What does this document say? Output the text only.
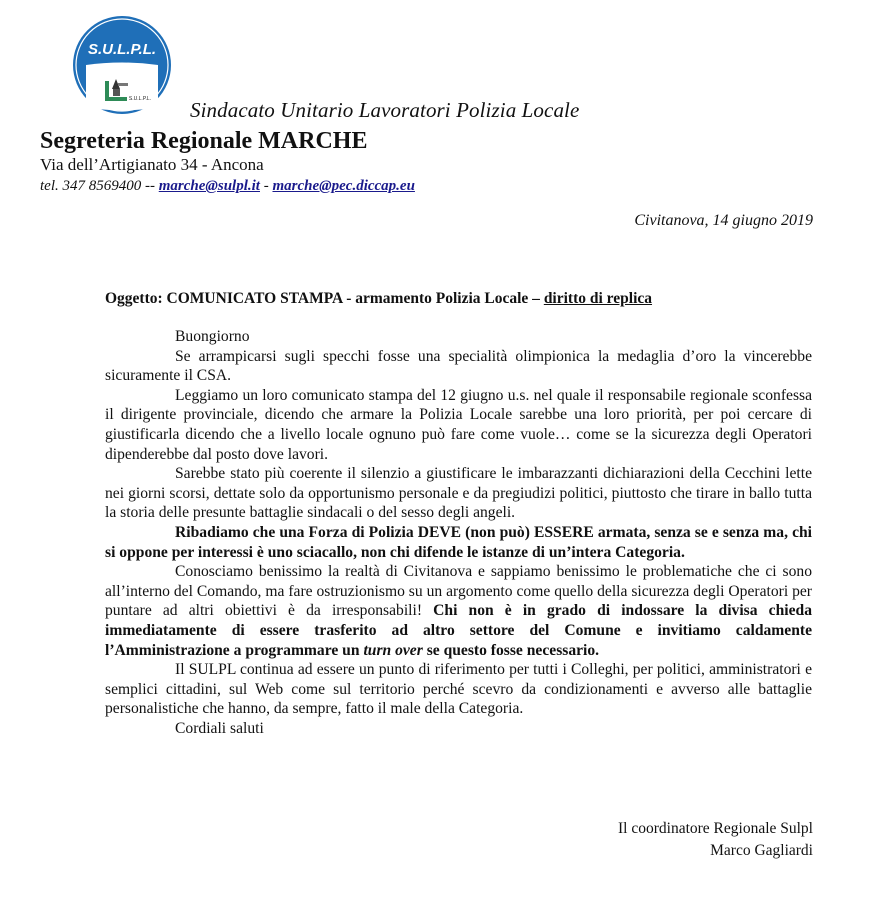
S.U.L.P.L.
S.U.L.P.L. Sindacato Unitario Lavoratori Polizia Locale
Segreteria Regionale MARCHE
Via dell’Artigianato 34 - Ancona
tel. 347 8569400 -- marche@sulpl.it - marche@pec.diccap.eu
Civitanova, 14 giugno 2019
Oggetto: COMUNICATO STAMPA - armamento Polizia Locale – diritto di replica

Buongiorno

Se arrampicarsi sugli specchi fosse una specialità olimpionica la medaglia d’oro la vincerebbe sicuramente il CSA.

Leggiamo un loro comunicato stampa del 12 giugno u.s. nel quale il responsabile regionale sconfessa il dirigente provinciale, dicendo che armare la Polizia Locale sarebbe una loro priorità, per poi cercare di giustificarla dicendo che a livello locale ognuno può fare come vuole… come se la sicurezza degli Operatori dipenderebbe dal posto dove lavori.

Sarebbe stato più coerente il silenzio a giustificare le imbarazzanti dichiarazioni della Cecchini lette nei giorni scorsi, dettate solo da opportunismo personale e da pregiudizi politici, piuttosto che tirare in ballo tutta la storia delle presunte battaglie sindacali o del sesso degli angeli.

Ribadiamo che una Forza di Polizia DEVE (non può) ESSERE armata, senza se e senza ma, chi si oppone per interessi è uno sciacallo, non chi difende le istanze di un’intera Categoria.

Conosciamo benissimo la realtà di Civitanova e sappiamo benissimo le problematiche che ci sono all’interno del Comando, ma fare ostruzionismo su un argomento come quello della sicurezza degli Operatori per puntare ad altri obiettivi è da irresponsabili! Chi non è in grado di indossare la divisa chieda immediatamente di essere trasferito ad altro settore del Comune e invitiamo caldamente l’Amministrazione a programmare un turn over se questo fosse necessario.

Il SULPL continua ad essere un punto di riferimento per tutti i Colleghi, per politici, amministratori e semplici cittadini, sul Web come sul territorio perché scevro da condizionamenti e avverso alle battaglie personalistiche che hanno, da sempre, fatto il male della Categoria.

Cordiali saluti

Il coordinatore Regionale Sulpl
Marco Gagliardi
